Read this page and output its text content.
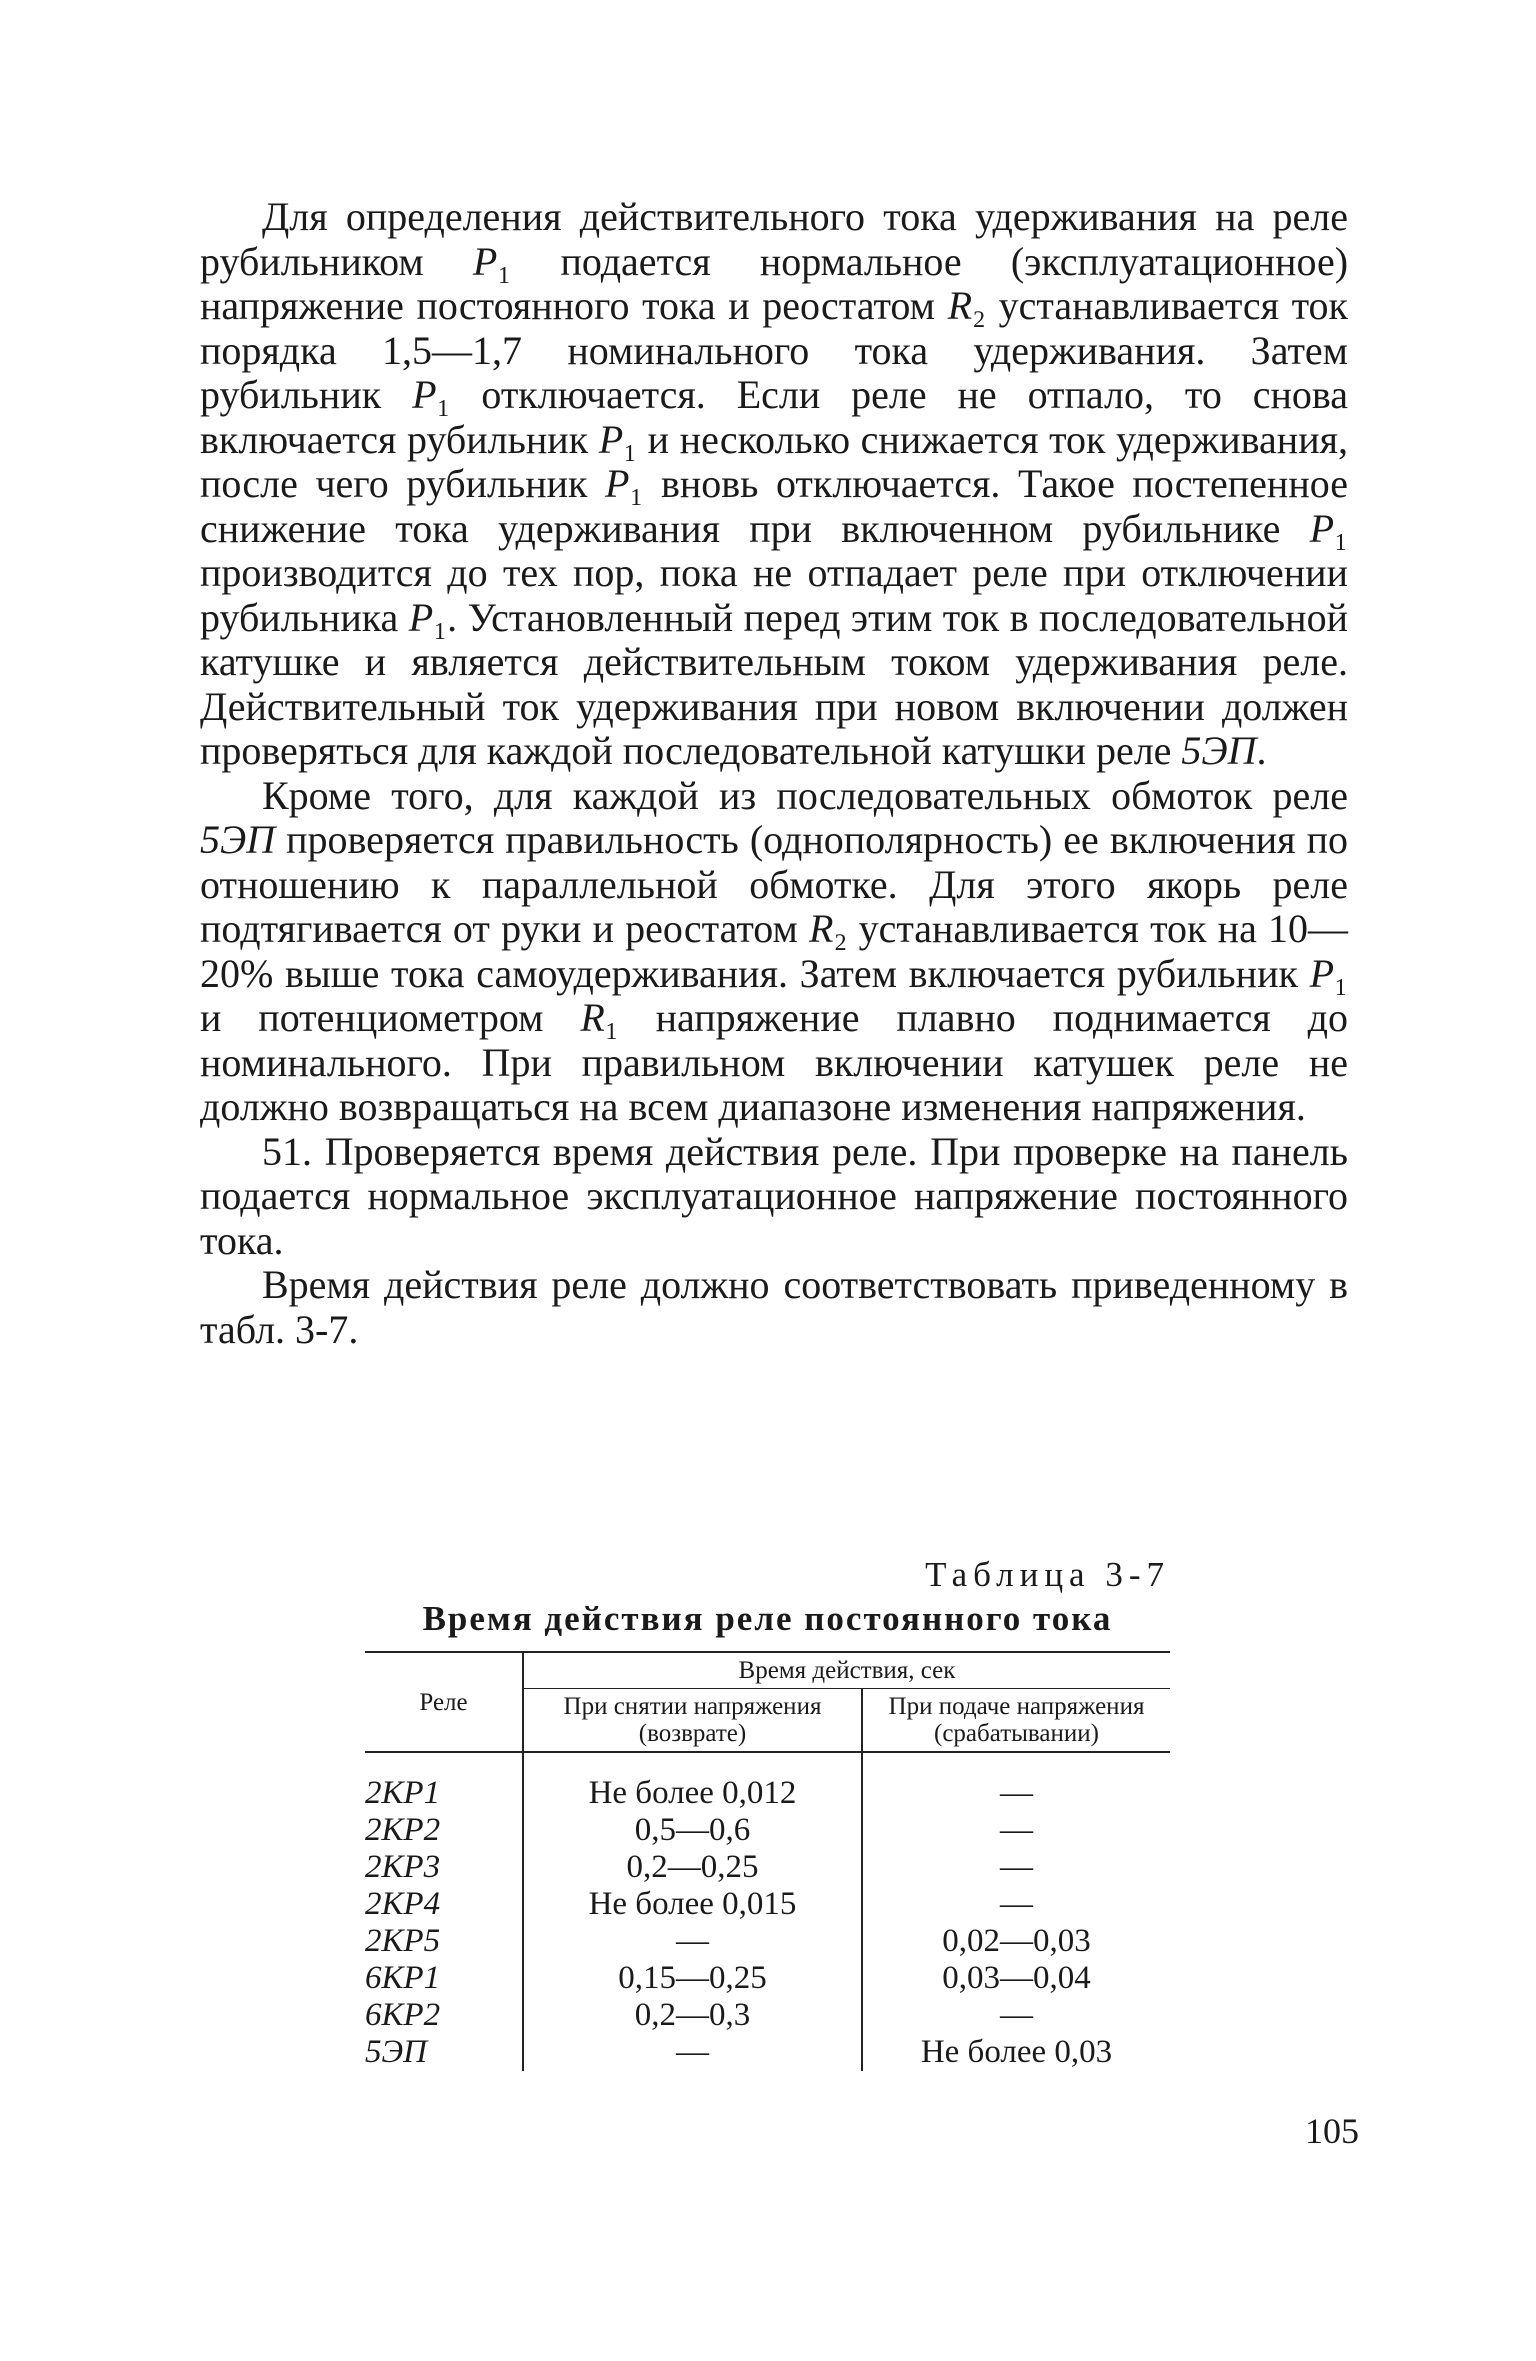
Для определения действительного тока удерживания на реле рубильником P₁ подается нормальное (эксплуатационное) напряжение постоянного тока и реостатом R₂ устанавливается ток порядка 1,5—1,7 номинального тока удерживания. Затем рубильник P₁ отключается. Если реле не отпало, то снова включается рубильник P₁ и несколько снижается ток удерживания, после чего рубильник P₁ вновь отключается. Такое постепенное снижение тока удерживания при включенном рубильнике P₁ производится до тех пор, пока не отпадает реле при отключении рубильника P₁. Установленный перед этим ток в последовательной катушке и является действительным током удерживания реле. Действительный ток удерживания при новом включении должен проверяться для каждой последовательной катушки реле 5ЭП.

Кроме того, для каждой из последовательных обмоток реле 5ЭП проверяется правильность (однополярность) ее включения по отношению к параллельной обмотке. Для этого якорь реле подтягивается от руки и реостатом R₂ устанавливается ток на 10—20% выше тока самоудерживания. Затем включается рубильник P₁ и потенциометром R₁ напряжение плавно поднимается до номинального. При правильном включении катушек реле не должно возвращаться на всем диапазоне изменения напряжения.

51. Проверяется время действия реле. При проверке на панель подается нормальное эксплуатационное напряжение постоянного тока.

Время действия реле должно соответствовать приведенному в табл. 3-7.

Таблица 3-7
Время действия реле постоянного тока
Реле	Время действия, сек	
	При снятии напряжения (возврате)	При подаче напряжения (срабатывании)
2КР1	Не более 0,012	—
2КР2	0,5—0,6	—
2КР3	0,2—0,25	—
2КР4	Не более 0,015	—
2КР5	—	0,02—0,03
6КР1	0,15—0,25	0,03—0,04
6КР2	0,2—0,3	—
5ЭП	—	Не более 0,03
105
